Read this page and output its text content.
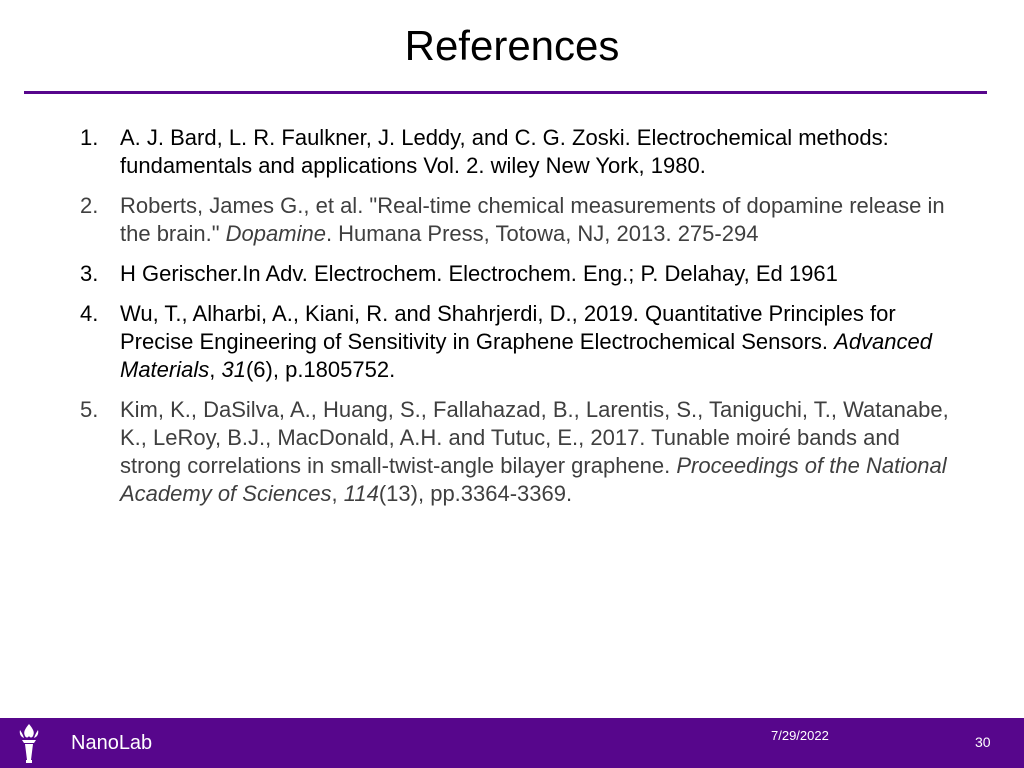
References
1. A. J. Bard, L. R. Faulkner, J. Leddy, and C. G. Zoski. Electrochemical methods: fundamentals and applications Vol. 2. wiley New York, 1980.
2. Roberts, James G., et al. "Real-time chemical measurements of dopamine release in the brain." Dopamine. Humana Press, Totowa, NJ, 2013. 275-294
3. H Gerischer.In Adv. Electrochem. Electrochem. Eng.; P. Delahay, Ed 1961
4. Wu, T., Alharbi, A., Kiani, R. and Shahrjerdi, D., 2019. Quantitative Principles for Precise Engineering of Sensitivity in Graphene Electrochemical Sensors. Advanced Materials, 31(6), p.1805752.
5. Kim, K., DaSilva, A., Huang, S., Fallahazad, B., Larentis, S., Taniguchi, T., Watanabe, K., LeRoy, B.J., MacDonald, A.H. and Tutuc, E., 2017. Tunable moiré bands and strong correlations in small-twist-angle bilayer graphene. Proceedings of the National Academy of Sciences, 114(13), pp.3364-3369.
NanoLab	7/29/2022	30
